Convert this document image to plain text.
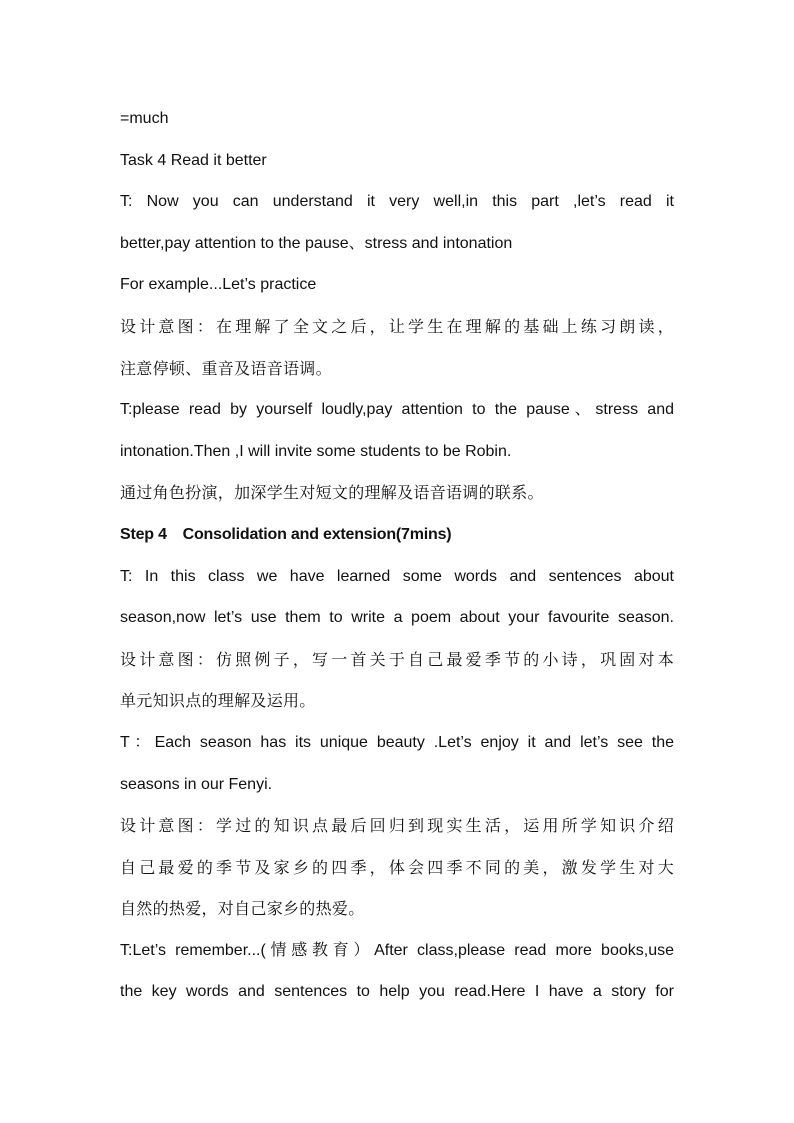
=much
Task 4 Read it better
T: Now you can understand it very well,in this part ,let’s read it
better,pay attention to the pause、stress and intonation
For example...Let’s practice
设计意图：在理解了全文之后，让学生在理解的基础上练习朗读，
注意停顿、重音及语音语调。
T:please read by yourself loudly,pay attention to the pause、stress and
intonation.Then ,I will invite some students to be Robin.
通过角色扮演，加深学生对短文的理解及语音语调的联系。
Step 4　Consolidation and extension(7mins)
T: In this class we have learned some words and sentences about
season,now let’s use them to write a poem about your favourite season.
设计意图：仿照例子，写一首关于自己最爱季节的小诗，巩固对本
单元知识点的理解及运用。
T：Each season has its unique beauty .Let’s enjoy it and let’s see the
seasons in our Fenyi.
设计意图：学过的知识点最后回归到现实生活，运用所学知识介绍
自己最爱的季节及家乡的四季，体会四季不同的美，激发学生对大
自然的热爱，对自己家乡的热爱。
T:Let’s remember...(情感教育）After class,please read more books,use
the key words and sentences to help you read.Here I have a story for
